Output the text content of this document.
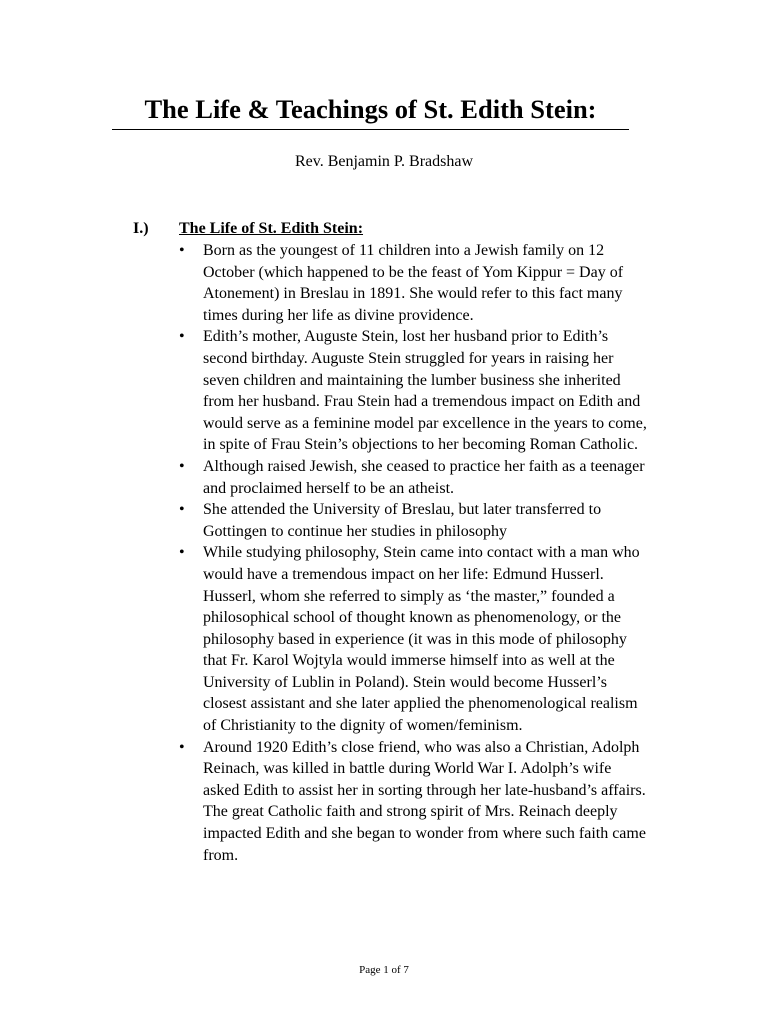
The Life & Teachings of St. Edith Stein:
Rev. Benjamin P. Bradshaw
I.) The Life of St. Edith Stein:
• Born as the youngest of 11 children into a Jewish family on 12 October (which happened to be the feast of Yom Kippur = Day of Atonement) in Breslau in 1891. She would refer to this fact many times during her life as divine providence.
• Edith’s mother, Auguste Stein, lost her husband prior to Edith’s second birthday. Auguste Stein struggled for years in raising her seven children and maintaining the lumber business she inherited from her husband. Frau Stein had a tremendous impact on Edith and would serve as a feminine model par excellence in the years to come, in spite of Frau Stein’s objections to her becoming Roman Catholic.
• Although raised Jewish, she ceased to practice her faith as a teenager and proclaimed herself to be an atheist.
• She attended the University of Breslau, but later transferred to Gottingen to continue her studies in philosophy
• While studying philosophy, Stein came into contact with a man who would have a tremendous impact on her life: Edmund Husserl. Husserl, whom she referred to simply as ‘the master,” founded a philosophical school of thought known as phenomenology, or the philosophy based in experience (it was in this mode of philosophy that Fr. Karol Wojtyla would immerse himself into as well at the University of Lublin in Poland). Stein would become Husserl’s closest assistant and she later applied the phenomenological realism of Christianity to the dignity of women/feminism.
• Around 1920 Edith’s close friend, who was also a Christian, Adolph Reinach, was killed in battle during World War I. Adolph’s wife asked Edith to assist her in sorting through her late-husband’s affairs. The great Catholic faith and strong spirit of Mrs. Reinach deeply impacted Edith and she began to wonder from where such faith came from.
Page 1 of 7
